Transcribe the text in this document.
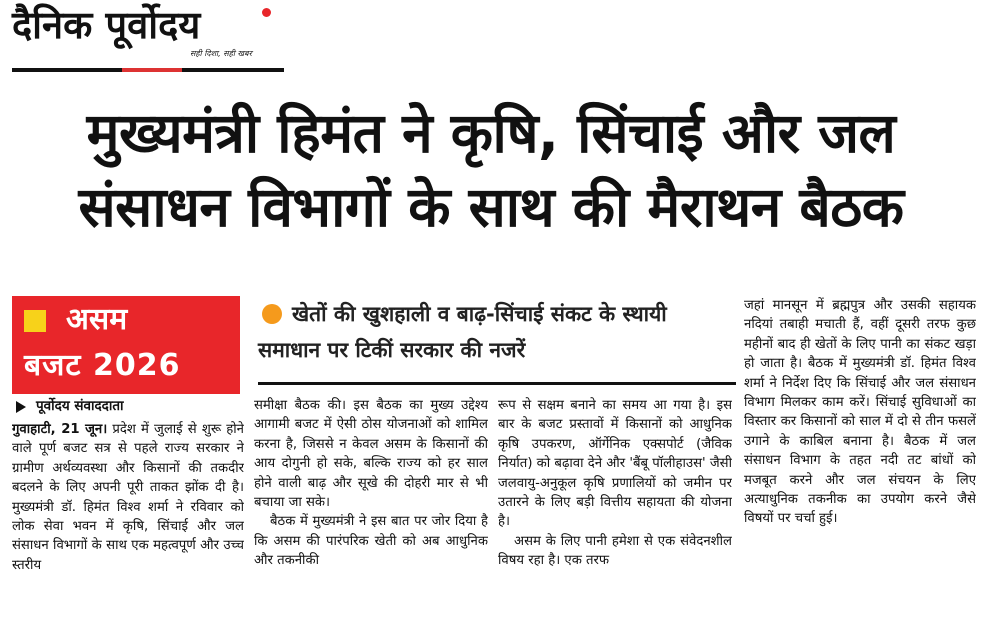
दैनिक पूर्वोदय
सही दिशा, सही खबर
मुख्यमंत्री हिमंत ने कृषि, सिंचाई और जल
संसाधन विभागों के साथ की मैराथन बैठक
असम
बजट 2026
खेतों की खुशहाली व बाढ़-सिंचाई संकट के स्थायी समाधान पर टिकीं सरकार की नजरें
पूर्वोदय संवाददाता

गुवाहाटी, 21 जून। प्रदेश में जुलाई से शुरू होने वाले पूर्ण बजट सत्र से पहले राज्य सरकार ने ग्रामीण अर्थव्यवस्था और किसानों की तकदीर बदलने के लिए अपनी पूरी ताकत झोंक दी है। मुख्यमंत्री डॉ. हिमंत विश्व शर्मा ने रविवार को लोक सेवा भवन में कृषि, सिंचाई और जल संसाधन विभागों के साथ एक महत्वपूर्ण और उच्च स्तरीय

समीक्षा बैठक की। इस बैठक का मुख्य उद्देश्य आगामी बजट में ऐसी ठोस योजनाओं को शामिल करना है, जिससे न केवल असम के किसानों की आय दोगुनी हो सके, बल्कि राज्य को हर साल होने वाली बाढ़ और सूखे की दोहरी मार से भी बचाया जा सके।

बैठक में मुख्यमंत्री ने इस बात पर जोर दिया है कि असम की पारंपरिक खेती को अब आधुनिक और तकनीकी

रूप से सक्षम बनाने का समय आ गया है। इस बार के बजट प्रस्तावों में किसानों को आधुनिक कृषि उपकरण, ऑर्गेनिक एक्सपोर्ट (जैविक निर्यात) को बढ़ावा देने और 'बैंबू पॉलीहाउस' जैसी जलवायु-अनुकूल कृषि प्रणालियों को जमीन पर उतारने के लिए बड़ी वित्तीय सहायता की योजना है।

असम के लिए पानी हमेशा से एक संवेदनशील विषय रहा है। एक तरफ

जहां मानसून में ब्रह्मपुत्र और उसकी सहायक नदियां तबाही मचाती हैं, वहीं दूसरी तरफ कुछ महीनों बाद ही खेतों के लिए पानी का संकट खड़ा हो जाता है। बैठक में मुख्यमंत्री डॉ. हिमंत विश्व शर्मा ने निर्देश दिए कि सिंचाई और जल संसाधन विभाग मिलकर काम करें। सिंचाई सुविधाओं का विस्तार कर किसानों को साल में दो से तीन फसलें उगाने के काबिल बनाना है। बैठक में जल संसाधन विभाग के तहत नदी तट बांधों को मजबूत करने और जल संचयन के लिए अत्याधुनिक तकनीक का उपयोग करने जैसे विषयों पर चर्चा हुई।
